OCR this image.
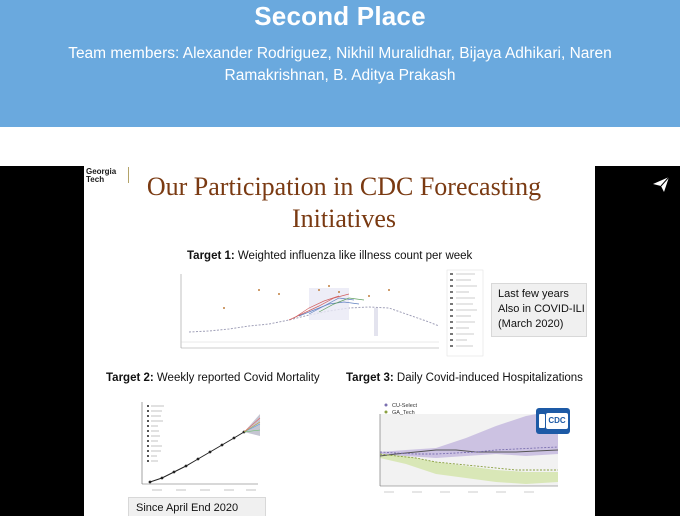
Second Place
Team members: Alexander Rodriguez, Nikhil Muralidhar, Bijaya Adhikari, Naren Ramakrishnan, B. Aditya Prakash
Georgia
Tech	Our Participation in CDC Forecasting Initiatives
Target 1: Weighted influenza like illness count per week
Last few years
Also in COVID-ILI
(March 2020)
Target 2: Weekly reported Covid Mortality Target 3: Daily Covid-induced Hospitalizations
CU-Select
GA_Tech
CDC
Since April End 2020
